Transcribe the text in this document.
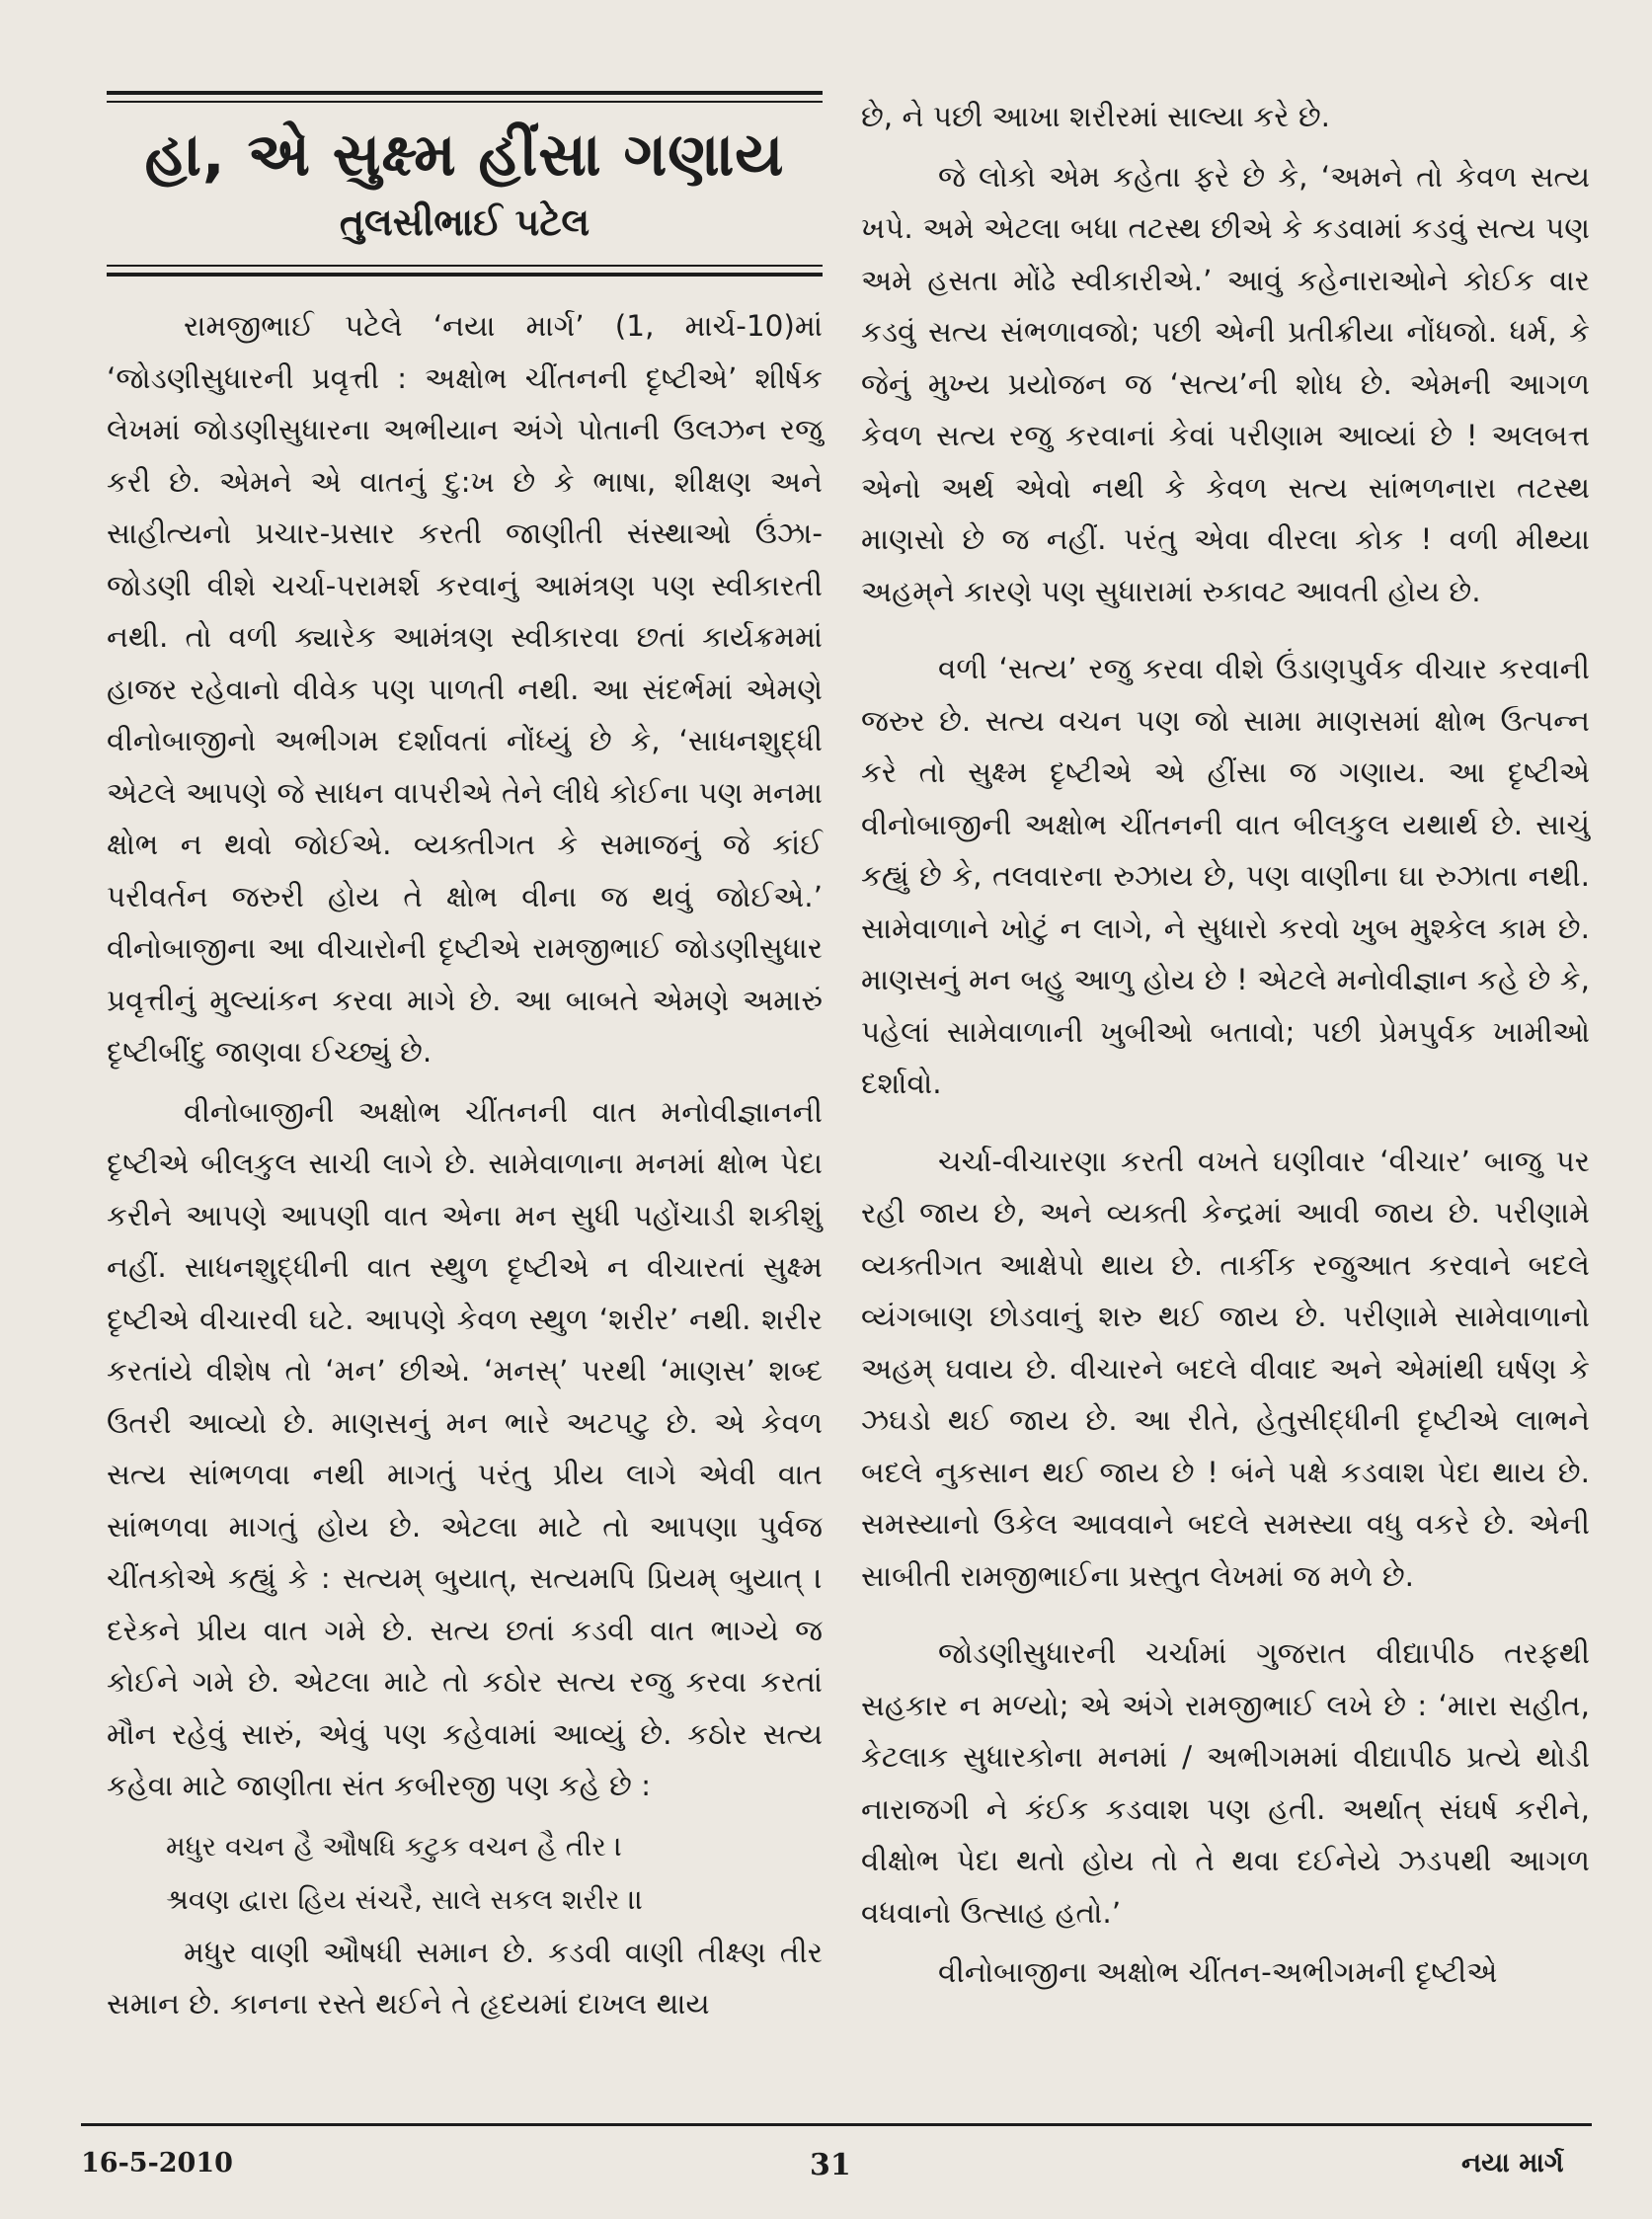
હા, એ સુક્ષ્મ હીંસા ગણાય
તુલસીભાઈ પટેલ

રામજીભાઈ પટેલે ‘નયા માર્ગ’ (1, માર્ચ-10)માં ‘જોડણીસુધારની પ્રવૃત્તી : અક્ષોભ ચીંતનની દૃષ્ટીએ’ શીર્ષક લેખમાં જોડણીસુધારના અભીયાન અંગે પોતાની ઉલઝન રજુ કરી છે. એમને એ વાતનું દુ:ખ છે કે ભાષા, શીક્ષણ અને સાહીત્યનો પ્રચાર-પ્રસાર કરતી જાણીતી સંસ્થાઓ ઉંઝા-જોડણી વીશે ચર્ચા-પરામર્શ કરવાનું આમંત્રણ પણ સ્વીકારતી નથી. તો વળી ક્યારેક આમંત્રણ સ્વીકારવા છતાં કાર્યક્રમમાં હાજર રહેવાનો વીવેક પણ પાળતી નથી. આ સંદર્ભમાં એમણે વીનોબાજીનો અભીગમ દર્શાવતાં નોંધ્યું છે કે, ‘સાધનશુદ્ધી એટલે આપણે જે સાધન વાપરીએ તેને લીધે કોઈના પણ મનમા ક્ષોભ ન થવો જોઈએ. વ્યક્તીગત કે સમાજનું જે કાંઈ પરીવર્તન જરુરી હોય તે ક્ષોભ વીના જ થવું જોઈએ.’ વીનોબાજીના આ વીચારોની દૃષ્ટીએ રામજીભાઈ જોડણીસુધાર પ્રવૃત્તીનું મુલ્યાંકન કરવા માગે છે. આ બાબતે એમણે અમારું દૃષ્ટીબીંદુ જાણવા ઈચ્છ્યું છે.

વીનોબાજીની અક્ષોભ ચીંતનની વાત મનોવીજ્ઞાનની દૃષ્ટીએ બીલકુલ સાચી લાગે છે. સામેવાળાના મનમાં ક્ષોભ પેદા કરીને આપણે આપણી વાત એના મન સુધી પહોંચાડી શકીશું નહીં. સાધનશુદ્ધીની વાત સ્થુળ દૃષ્ટીએ ન વીચારતાં સુક્ષ્મ દૃષ્ટીએ વીચારવી ઘટે. આપણે કેવળ સ્થુળ ‘શરીર’ નથી. શરીર કરતાંયે વીશેષ તો ‘મન’ છીએ. ‘મનસ્’ પરથી ‘માણસ’ શબ્દ ઉતરી આવ્યો છે. માણસનું મન ભારે અટપટુ છે. એ કેવળ સત્ય સાંભળવા નથી માગતું પરંતુ પ્રીય લાગે એવી વાત સાંભળવા માગતું હોય છે. એટલા માટે તો આપણા પુર્વજ ચીંતકોએ કહ્યું કે : સત્યમ્ બુયાત્, સત્યમપિ પ્રિયમ્ બુયાત્ । દરેકને પ્રીય વાત ગમે છે. સત્ય છતાં કડવી વાત ભાગ્યે જ કોઈને ગમે છે. એટલા માટે તો કઠોર સત્ય રજુ કરવા કરતાં મૌન રહેવું સારું, એવું પણ કહેવામાં આવ્યું છે. કઠોર સત્ય કહેવા માટે જાણીતા સંત કબીરજી પણ કહે છે :

મધુર વચન હૈ ઔષધિ કટુક વચન હૈ તીર ।

શ્રવણ દ્વારા હિય સંચરૈ, સાલે સકલ શરીર ।।

મધુર વાણી ઔષધી સમાન છે. કડવી વાણી તીક્ષ્ણ તીર સમાન છે. કાનના રસ્તે થઈને તે હૃદયમાં દાખલ થાય

છે, ને પછી આખા શરીરમાં સાલ્યા કરે છે.

જે લોકો એમ કહેતા ફરે છે કે, ‘અમને તો કેવળ સત્ય ખપે. અમે એટલા બધા તટસ્થ છીએ કે કડવામાં કડવું સત્ય પણ અમે હસતા મોંઢે સ્વીકારીએ.’ આવું કહેનારાઓને કોઈક વાર કડવું સત્ય સંભળાવજો; પછી એની પ્રતીક્રીયા નોંધજો. ધર્મ, કે જેનું મુખ્ય પ્રયોજન જ ‘સત્ય’ની શોધ છે. એમની આગળ કેવળ સત્ય રજુ કરવાનાં કેવાં પરીણામ આવ્યાં છે ! અલબત્ત એનો અર્થ એવો નથી કે કેવળ સત્ય સાંભળનારા તટસ્થ માણસો છે જ નહીં. પરંતુ એવા વીરલા કોક ! વળી મીથ્યા અહમ્‌ને કારણે પણ સુધારામાં રુકાવટ આવતી હોય છે.

વળી ‘સત્ય’ રજુ કરવા વીશે ઉંડાણપુર્વક વીચાર કરવાની જરુર છે. સત્ય વચન પણ જો સામા માણસમાં ક્ષોભ ઉત્પન્ન કરે તો સુક્ષ્મ દૃષ્ટીએ એ હીંસા જ ગણાય. આ દૃષ્ટીએ વીનોબાજીની અક્ષોભ ચીંતનની વાત બીલકુલ યથાર્થ છે. સાચું કહ્યું છે કે, તલવારના રુઝાય છે, પણ વાણીના ઘા રુઝાતા નથી. સામેવાળાને ખોટું ન લાગે, ને સુધારો કરવો ખુબ મુશ્કેલ કામ છે. માણસનું મન બહુ આળુ હોય છે ! એટલે મનોવીજ્ઞાન કહે છે કે, પહેલાં સામેવાળાની ખુબીઓ બતાવો; પછી પ્રેમપુર્વક ખામીઓ દર્શાવો.

ચર્ચા-વીચારણા કરતી વખતે ઘણીવાર ‘વીચાર’ બાજુ પર રહી જાય છે, અને વ્યક્તી કેન્દ્રમાં આવી જાય છે. પરીણામે વ્યક્તીગત આક્ષેપો થાય છે. તાર્કીક રજુઆત કરવાને બદલે વ્યંગબાણ છોડવાનું શરુ થઈ જાય છે. પરીણામે સામેવાળાનો અહમ્ ઘવાય છે. વીચારને બદલે વીવાદ અને એમાંથી ઘર્ષણ કે ઝઘડો થઈ જાય છે. આ રીતે, હેતુસીદ્ધીની દૃષ્ટીએ લાભને બદલે નુકસાન થઈ જાય છે ! બંને પક્ષે કડવાશ પેદા થાય છે. સમસ્યાનો ઉકેલ આવવાને બદલે સમસ્યા વધુ વકરે છે. એની સાબીતી રામજીભાઈના પ્રસ્તુત લેખમાં જ મળે છે.

જોડણીસુધારની ચર્ચામાં ગુજરાત વીદ્યાપીઠ તરફથી સહકાર ન મળ્યો; એ અંગે રામજીભાઈ લખે છે : ‘મારા સહીત, કેટલાક સુધારકોના મનમાં / અભીગમમાં વીદ્યાપીઠ પ્રત્યે થોડી નારાજગી ને કંઈક કડવાશ પણ હતી. અર્થાત્ સંઘર્ષ કરીને, વીક્ષોભ પેદા થતો હોય તો તે થવા દઈનેયે ઝડપથી આગળ વધવાનો ઉત્સાહ હતો.’

વીનોબાજીના અક્ષોભ ચીંતન-અભીગમની દૃષ્ટીએ

16-5-2010	31	નયા માર્ગ
